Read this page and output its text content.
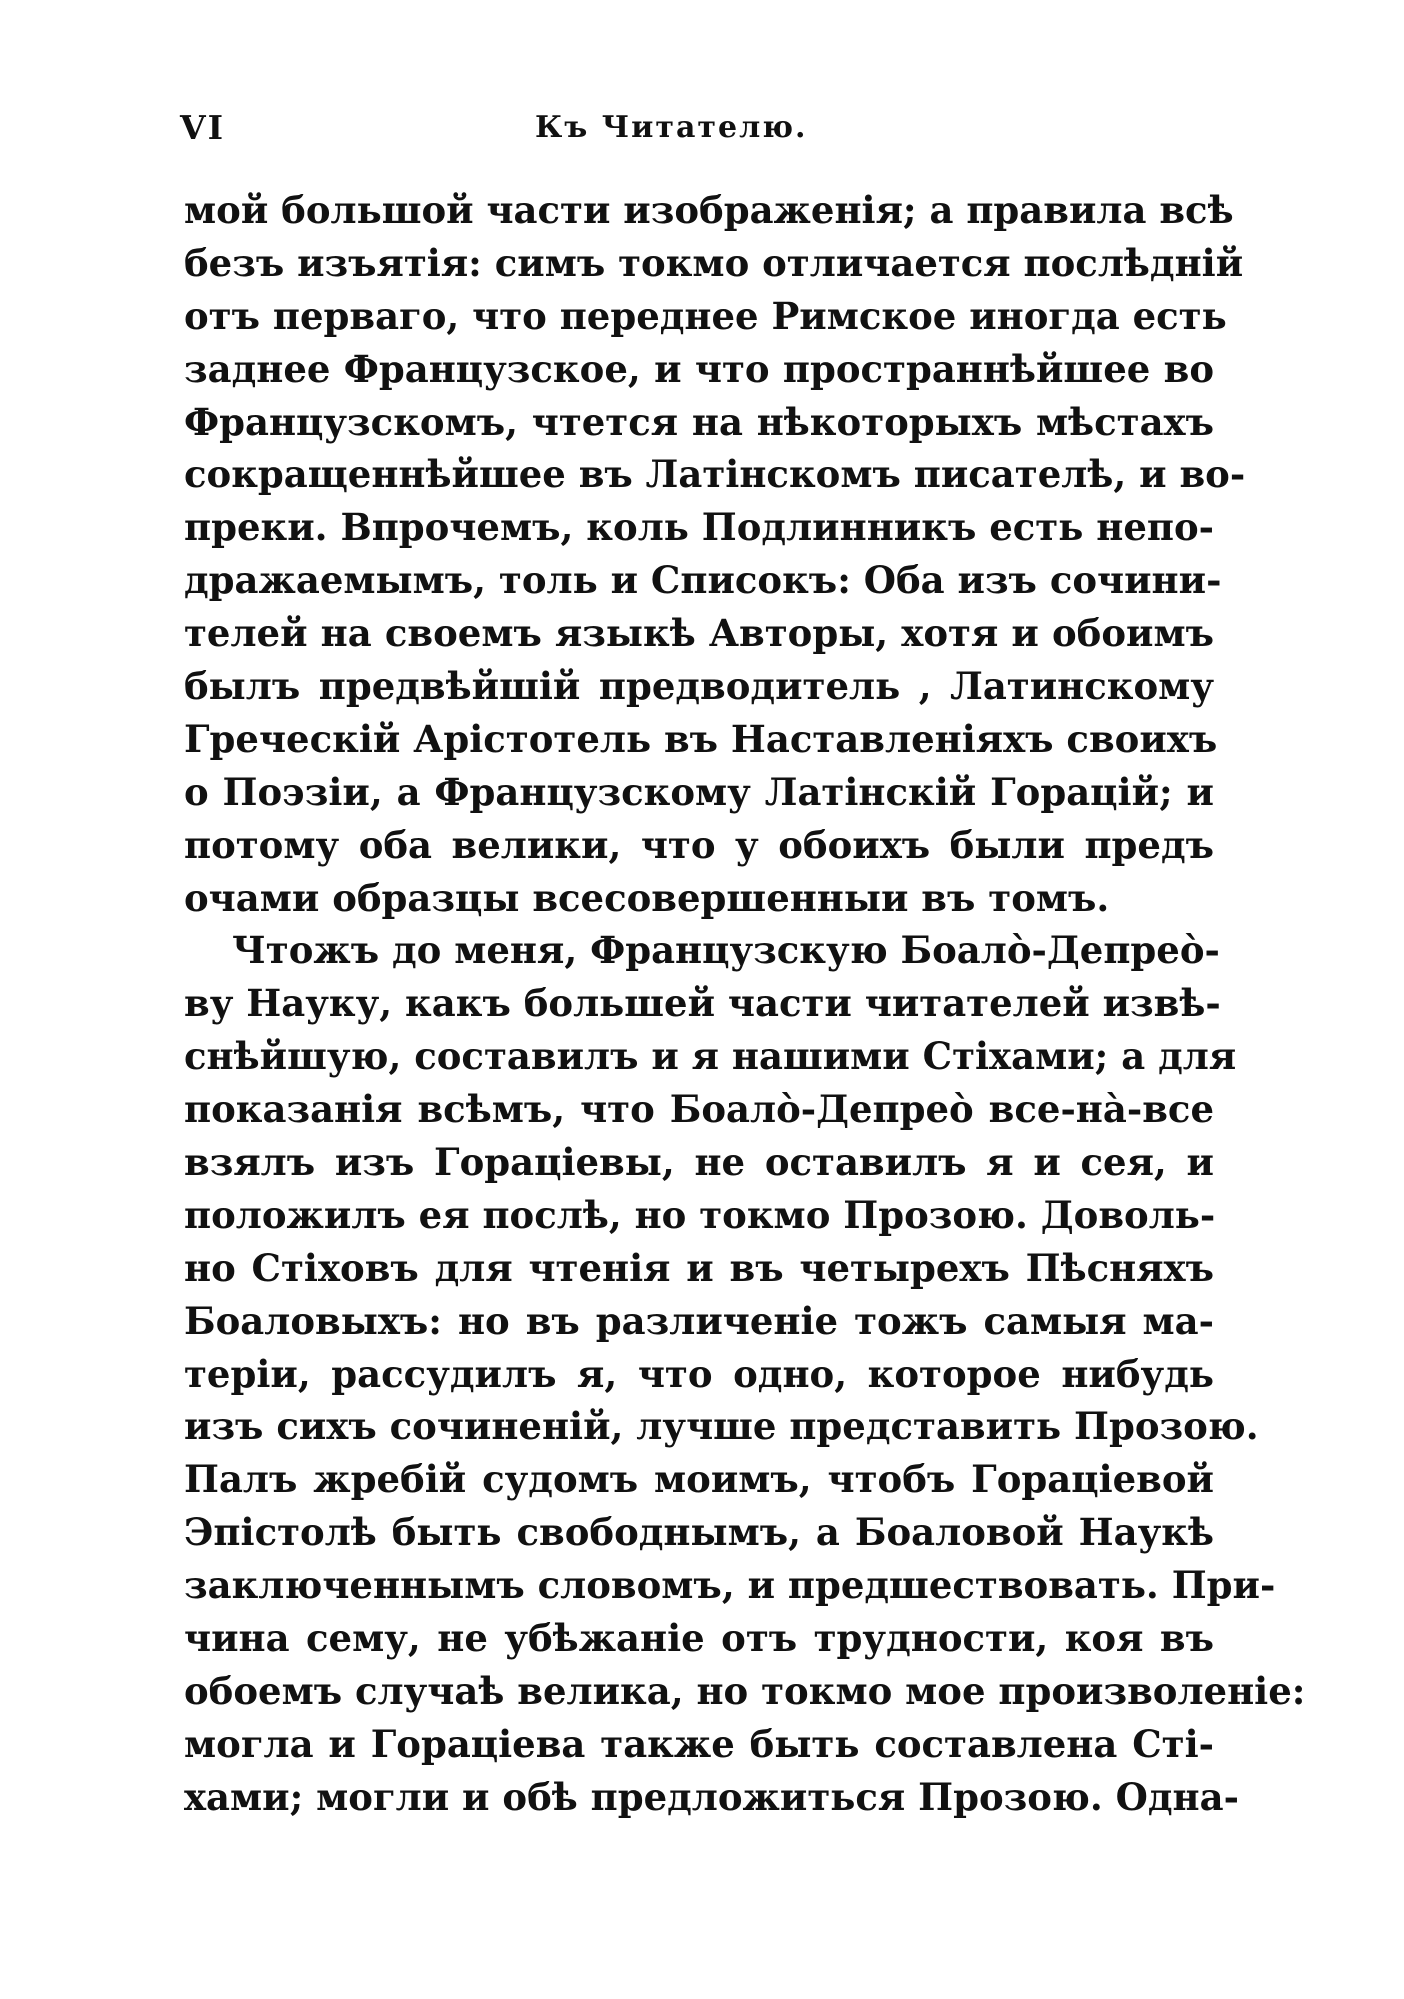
VI	Къ Читателю.
мой большой части изображенія; а правила всѣ
безъ изъятія: симъ токмо отличается послѣдній
отъ перваго, что переднее Римское иногда есть
заднее Французское, и что пространнѣйшее во
Французскомъ, чтется на нѣкоторыхъ мѣстахъ
сокращеннѣйшее въ Латінскомъ писателѣ, и во-
преки. Впрочемъ, коль Подлинникъ есть непо-
дражаемымъ, толь и Списокъ: Оба изъ сочини-
телей на своемъ языкѣ Авторы, хотя и обоимъ
былъ предвѣйшій предводитель , Латинскому
Греческій Арістотель въ Наставленіяхъ своихъ
о Поэзіи, а Французскому Латінскій Горацій; и
потому оба велики, что у обоихъ были предъ
очами образцы всесовершенныи въ томъ.
Чтожъ до меня, Французскую Боалò-Депреò-
ву Науку, какъ большей части читателей извѣ-
снѣйшую, составилъ и я нашими Стіхами; а для
показанія всѣмъ, что Боалò-Депреò все-нà-все
взялъ изъ Гораціевы, не оставилъ я и сея, и
положилъ ея послѣ, но токмо Прозою. Доволь-
но Стіховъ для чтенія и въ четырехъ Пѣсняхъ
Боаловыхъ: но въ различеніе тожъ самыя ма-
теріи, рассудилъ я, что одно, которое нибудь
изъ сихъ сочиненій, лучше представить Прозою.
Палъ жребій судомъ моимъ, чтобъ Гораціевой
Эпістолѣ быть свободнымъ, а Боаловой Наукѣ
заключеннымъ словомъ, и предшествовать. При-
чина сему, не убѣжаніе отъ трудности, коя въ
обоемъ случаѣ велика, но токмо мое произволеніе:
могла и Гораціева также быть составлена Сті-
хами; могли и обѣ предложиться Прозою. Одна-
